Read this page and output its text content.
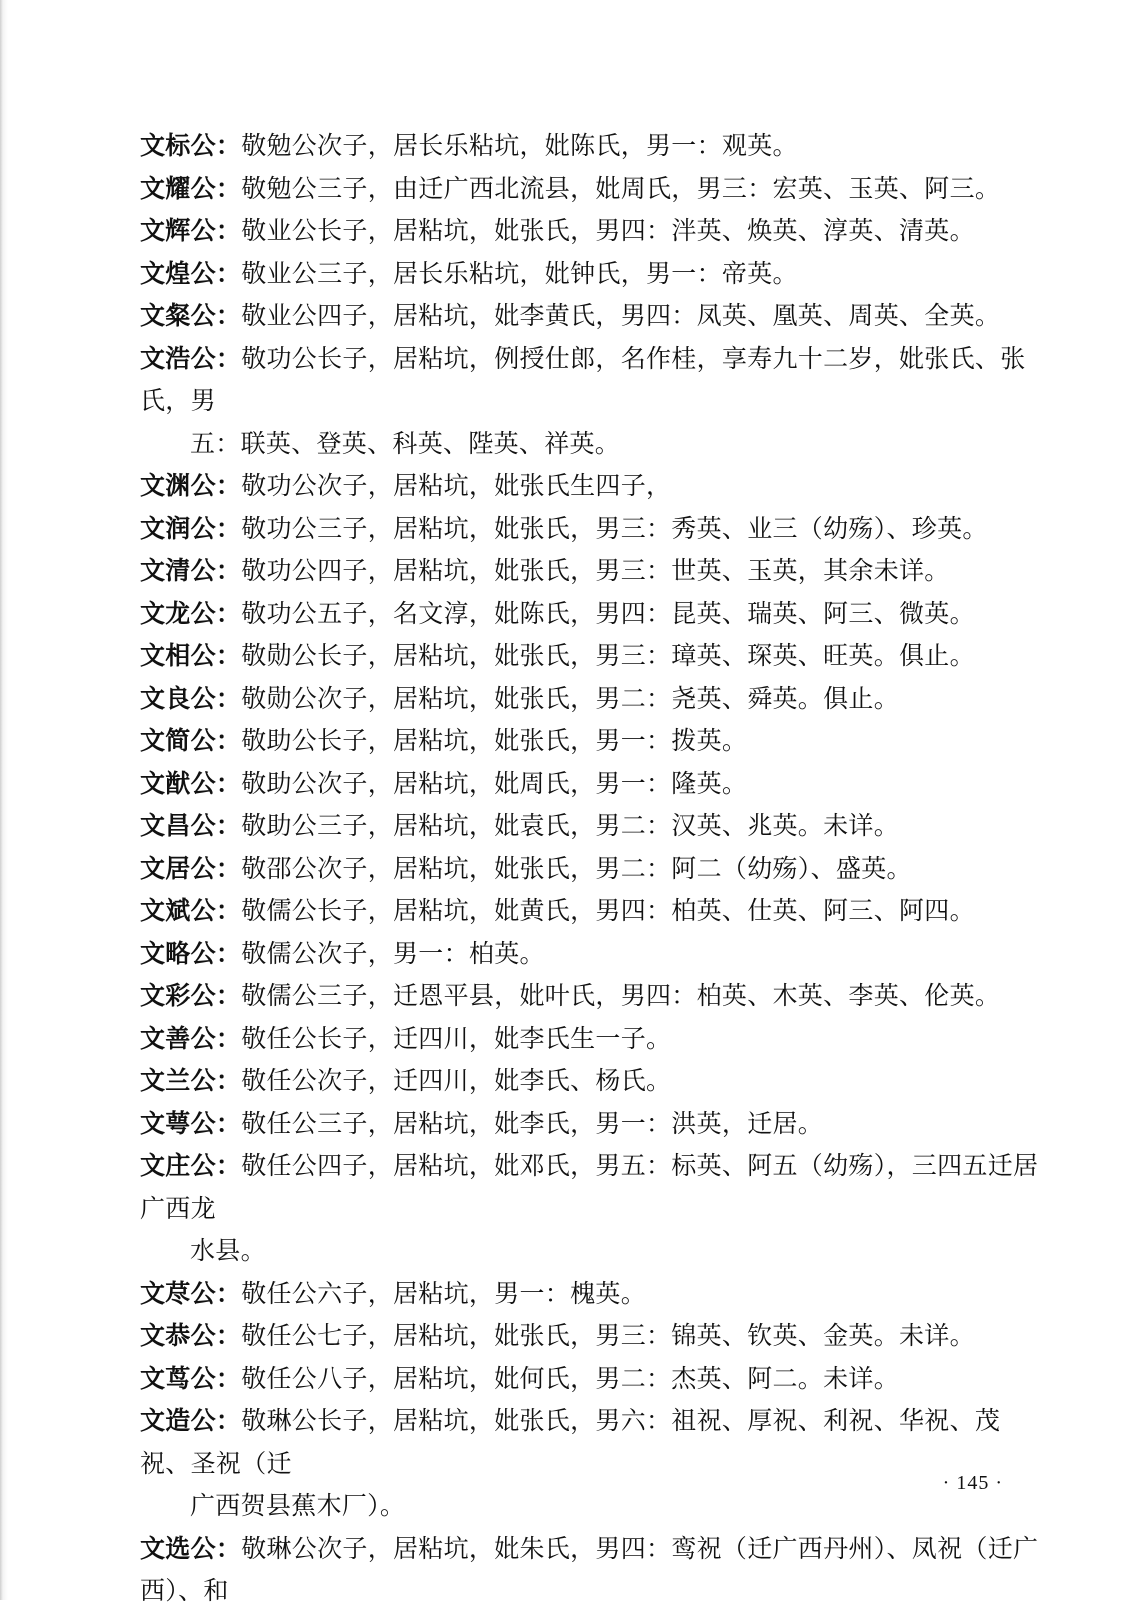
文标公：敬勉公次子，居长乐粘坑，妣陈氏，男一：观英。

文耀公：敬勉公三子，由迁广西北流县，妣周氏，男三：宏英、玉英、阿三。

文辉公：敬业公长子，居粘坑，妣张氏，男四：泮英、焕英、淳英、清英。

文煌公：敬业公三子，居长乐粘坑，妣钟氏，男一：帝英。

文粲公：敬业公四子，居粘坑，妣李黄氏，男四：凤英、凰英、周英、全英。

文浩公：敬功公长子，居粘坑，例授仕郎，名作桂，享寿九十二岁，妣张氏、张氏，男
五：联英、登英、科英、陛英、祥英。

文渊公：敬功公次子，居粘坑，妣张氏生四子，

文润公：敬功公三子，居粘坑，妣张氏，男三：秀英、业三（幼殇）、珍英。

文清公：敬功公四子，居粘坑，妣张氏，男三：世英、玉英，其余未详。

文龙公：敬功公五子，名文淳，妣陈氏，男四：昆英、瑞英、阿三、微英。

文相公：敬勋公长子，居粘坑，妣张氏，男三：璋英、琛英、旺英。俱止。

文良公：敬勋公次子，居粘坑，妣张氏，男二：尧英、舜英。俱止。

文简公：敬助公长子，居粘坑，妣张氏，男一：拨英。

文猷公：敬助公次子，居粘坑，妣周氏，男一：隆英。

文昌公：敬助公三子，居粘坑，妣袁氏，男二：汉英、兆英。未详。

文居公：敬邵公次子，居粘坑，妣张氏，男二：阿二（幼殇）、盛英。

文斌公：敬儒公长子，居粘坑，妣黄氏，男四：柏英、仕英、阿三、阿四。

文略公：敬儒公次子，男一：柏英。

文彩公：敬儒公三子，迁恩平县，妣叶氏，男四：柏英、木英、李英、伦英。

文善公：敬任公长子，迁四川，妣李氏生一子。

文兰公：敬任公次子，迁四川，妣李氏、杨氏。

文萼公：敬任公三子，居粘坑，妣李氏，男一：洪英，迁居。

文庄公：敬任公四子，居粘坑，妣邓氏，男五：标英、阿五（幼殇），三四五迁居广西龙
水县。

文荩公：敬任公六子，居粘坑，男一：槐英。

文恭公：敬任公七子，居粘坑，妣张氏，男三：锦英、钦英、金英。未详。

文茑公：敬任公八子，居粘坑，妣何氏，男二：杰英、阿二。未详。

文造公：敬琳公长子，居粘坑，妣张氏，男六：祖祝、厚祝、利祝、华祝、茂祝、圣祝（迁
广西贺县蕉木厂）。

文选公：敬琳公次子，居粘坑，妣朱氏，男四：鸾祝（迁广西丹州）、凤祝（迁广西）、和

· 145 ·
